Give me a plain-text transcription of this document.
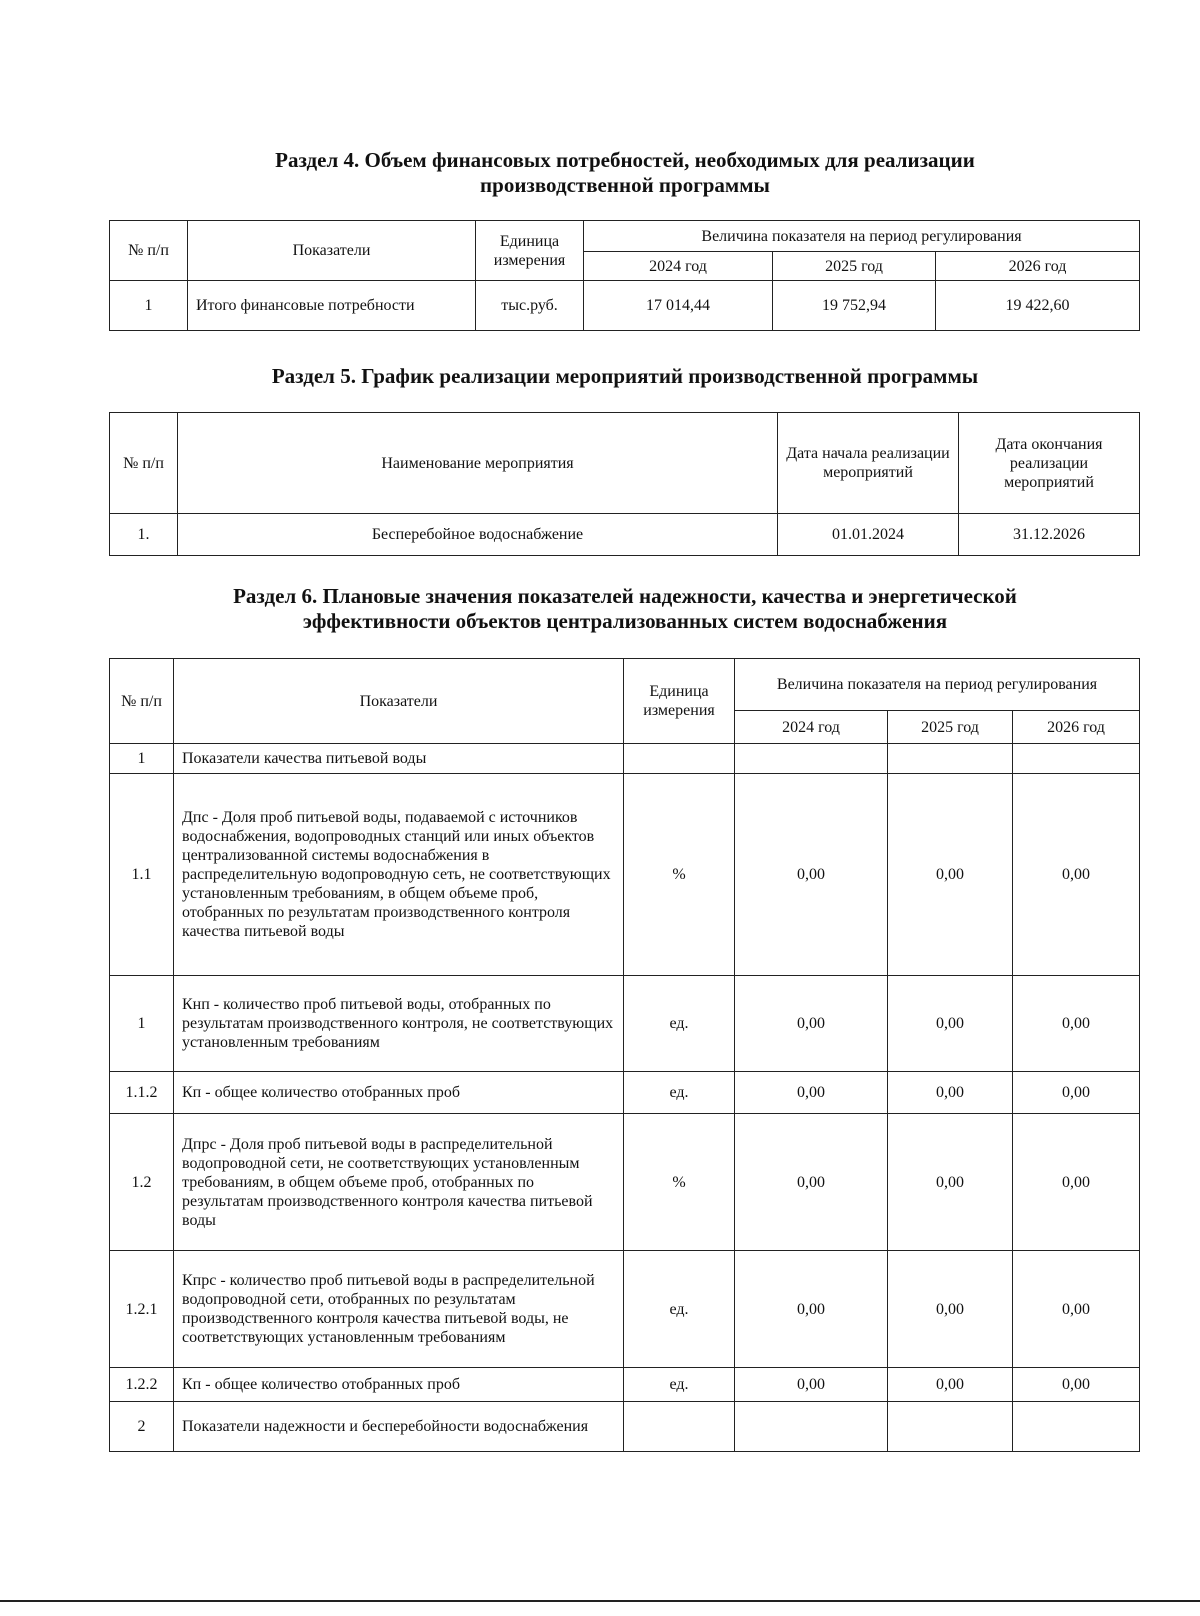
Раздел 4. Объем финансовых потребностей, необходимых для реализации
производственной программы
№ п/п	Показатели	Единица измерения	Величина показателя на период регулирования		
			2024 год	2025 год	2026 год
1	Итого финансовые потребности	тыс.руб.	17 014,44	19 752,94	19 422,60
Раздел 5. График реализации мероприятий производственной программы
№ п/п	Наименование мероприятия	Дата начала реализации мероприятий	Дата окончания реализации мероприятий
1.	Бесперебойное водоснабжение	01.01.2024	31.12.2026
Раздел 6. Плановые значения показателей надежности, качества и энергетической
эффективности объектов централизованных систем водоснабжения
№ п/п	Показатели	Единица измерения	Величина показателя на период регулирования		
			2024 год	2025 год	2026 год
1	Показатели качества питьевой воды				
1.1	Дпс - Доля проб питьевой воды, подаваемой с источников водоснабжения, водопроводных станций или иных объектов централизованной системы водоснабжения в распределительную водопроводную сеть, не соответствующих установленным требованиям, в общем объеме проб, отобранных по результатам производственного контроля качества питьевой воды	%	0,00	0,00	0,00
1	Кнп - количество проб питьевой воды, отобранных по результатам производственного контроля, не соответствующих установленным требованиям	ед.	0,00	0,00	0,00
1.1.2	Кп - общее количество отобранных проб	ед.	0,00	0,00	0,00
1.2	Дпрс - Доля проб питьевой воды в распределительной водопроводной сети, не соответствующих установленным требованиям, в общем объеме проб, отобранных по результатам производственного контроля качества питьевой воды	%	0,00	0,00	0,00
1.2.1	Кпрс - количество проб питьевой воды в распределительной водопроводной сети, отобранных по результатам производственного контроля качества питьевой воды, не соответствующих установленным требованиям	ед.	0,00	0,00	0,00
1.2.2	Кп - общее количество отобранных проб	ед.	0,00	0,00	0,00
2	Показатели надежности и бесперебойности водоснабжения				
